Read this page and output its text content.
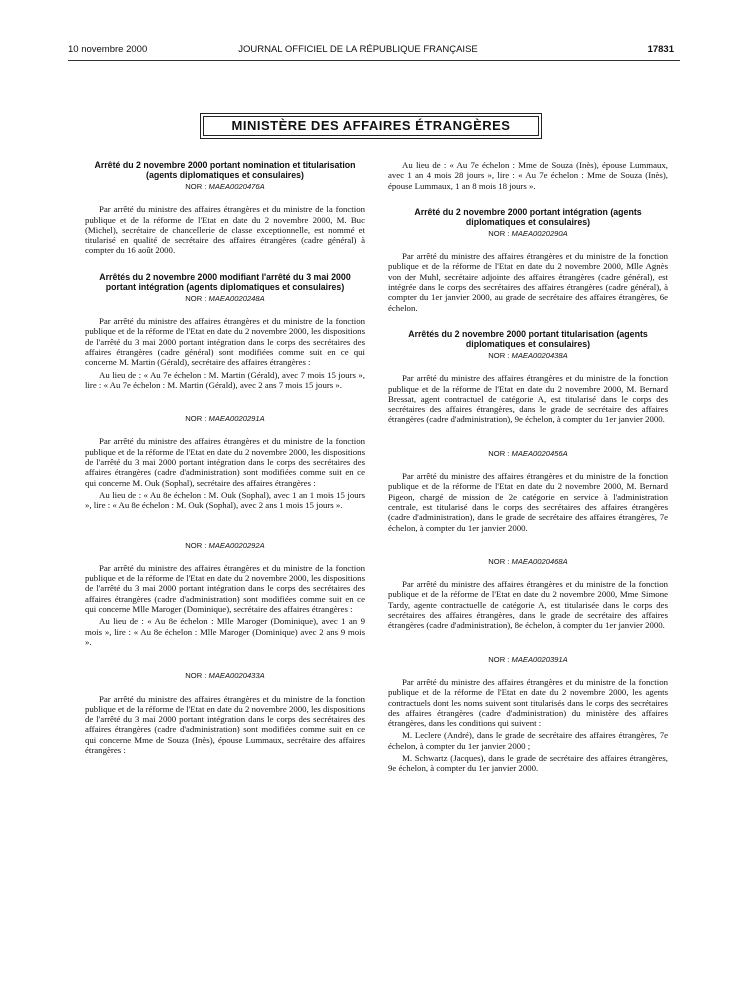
10 novembre 2000	JOURNAL OFFICIEL DE LA RÉPUBLIQUE FRANÇAISE	17831
MINISTÈRE DES AFFAIRES ÉTRANGÈRES
Arrêté du 2 novembre 2000 portant nomination et titularisation (agents diplomatiques et consulaires)
NOR : MAEA0020476A

Par arrêté du ministre des affaires étrangères et du ministre de la fonction publique et de la réforme de l'Etat en date du 2 novembre 2000, M. Buc (Michel), secrétaire de chancellerie de classe exceptionnelle, est nommé et titularisé en qualité de secrétaire des affaires étrangères (cadre général) à compter du 16 août 2000.

Arrêtés du 2 novembre 2000 modifiant l'arrêté du 3 mai 2000 portant intégration (agents diplomatiques et consulaires)
NOR : MAEA0020248A

Par arrêté du ministre des affaires étrangères et du ministre de la fonction publique et de la réforme de l'Etat en date du 2 novembre 2000, les dispositions de l'arrêté du 3 mai 2000 portant intégration dans le corps des secrétaires des affaires étrangères (cadre général) sont modifiées comme suit en ce qui concerne M. Martin (Gérald), secrétaire des affaires étrangères :

Au lieu de : « Au 7e échelon : M. Martin (Gérald), avec 7 mois 15 jours », lire : « Au 7e échelon : M. Martin (Gérald), avec 2 ans 7 mois 15 jours ».

NOR : MAEA0020291A

Par arrêté du ministre des affaires étrangères et du ministre de la fonction publique et de la réforme de l'Etat en date du 2 novembre 2000, les dispositions de l'arrêté du 3 mai 2000 portant intégration dans le corps des secrétaires des affaires étrangères (cadre d'administration) sont modifiées comme suit en ce qui concerne M. Ouk (Sophal), secrétaire des affaires étrangères :

Au lieu de : « Au 8e échelon : M. Ouk (Sophal), avec 1 an 1 mois 15 jours », lire : « Au 8e échelon : M. Ouk (Sophal), avec 2 ans 1 mois 15 jours ».

NOR : MAEA0020292A

Par arrêté du ministre des affaires étrangères et du ministre de la fonction publique et de la réforme de l'Etat en date du 2 novembre 2000, les dispositions de l'arrêté du 3 mai 2000 portant intégration dans le corps des secrétaires des affaires étrangères (cadre d'administration) sont modifiées comme suit en ce qui concerne Mlle Maroger (Dominique), secrétaire des affaires étrangères :

Au lieu de : « Au 8e échelon : Mlle Maroger (Dominique), avec 1 an 9 mois », lire : « Au 8e échelon : Mlle Maroger (Dominique) avec 2 ans 9 mois ».

NOR : MAEA0020433A

Par arrêté du ministre des affaires étrangères et du ministre de la fonction publique et de la réforme de l'Etat en date du 2 novembre 2000, les dispositions de l'arrêté du 3 mai 2000 portant intégration dans le corps des secrétaires des affaires étrangères (cadre d'administration) sont modifiées comme suit en ce qui concerne Mme de Souza (Inès), épouse Lummaux, secrétaire des affaires étrangères :

Au lieu de : « Au 7e échelon : Mme de Souza (Inès), épouse Lummaux, avec 1 an 4 mois 28 jours », lire : « Au 7e échelon : Mme de Souza (Inès), épouse Lummaux, 1 an 8 mois 18 jours ».

Arrêté du 2 novembre 2000 portant intégration (agents diplomatiques et consulaires)
NOR : MAEA0020290A

Par arrêté du ministre des affaires étrangères et du ministre de la fonction publique et de la réforme de l'Etat en date du 2 novembre 2000, Mlle Agnès von der Muhl, secrétaire adjointe des affaires étrangères (cadre général), est intégrée dans le corps des secrétaires des affaires étrangères (cadre général), à compter du 1er janvier 2000, au grade de secrétaire des affaires étrangères, 6e échelon.

Arrêtés du 2 novembre 2000 portant titularisation (agents diplomatiques et consulaires)
NOR : MAEA0020438A

Par arrêté du ministre des affaires étrangères et du ministre de la fonction publique et de la réforme de l'Etat en date du 2 novembre 2000, M. Bernard Bressat, agent contractuel de catégorie A, est titularisé dans le corps des secrétaires des affaires étrangères, dans le grade de secrétaire des affaires étrangères (cadre d'administration), 9e échelon, à compter du 1er janvier 2000.

NOR : MAEA0020456A

Par arrêté du ministre des affaires étrangères et du ministre de la fonction publique et de la réforme de l'Etat en date du 2 novembre 2000, M. Bernard Pigeon, chargé de mission de 2e catégorie en service à l'administration centrale, est titularisé dans le corps des secrétaires des affaires étrangères (cadre d'administration), dans le grade de secrétaire des affaires étrangères, 7e échelon, à compter du 1er janvier 2000.

NOR : MAEA0020468A

Par arrêté du ministre des affaires étrangères et du ministre de la fonction publique et de la réforme de l'Etat en date du 2 novembre 2000, Mme Simone Tardy, agente contractuelle de catégorie A, est titularisée dans le corps des secrétaires des affaires étrangères, dans le grade de secrétaire des affaires étrangères (cadre d'administration), 8e échelon, à compter du 1er janvier 2000.

NOR : MAEA0020391A

Par arrêté du ministre des affaires étrangères et du ministre de la fonction publique et de la réforme de l'Etat en date du 2 novembre 2000, les agents contractuels dont les noms suivent sont titularisés dans le corps des secrétaires des affaires étrangères (cadre d'administration) du ministère des affaires étrangères, dans les conditions qui suivent :

M. Leclere (André), dans le grade de secrétaire des affaires étrangères, 7e échelon, à compter du 1er janvier 2000 ;

M. Schwartz (Jacques), dans le grade de secrétaire des affaires étrangères, 9e échelon, à compter du 1er janvier 2000.
